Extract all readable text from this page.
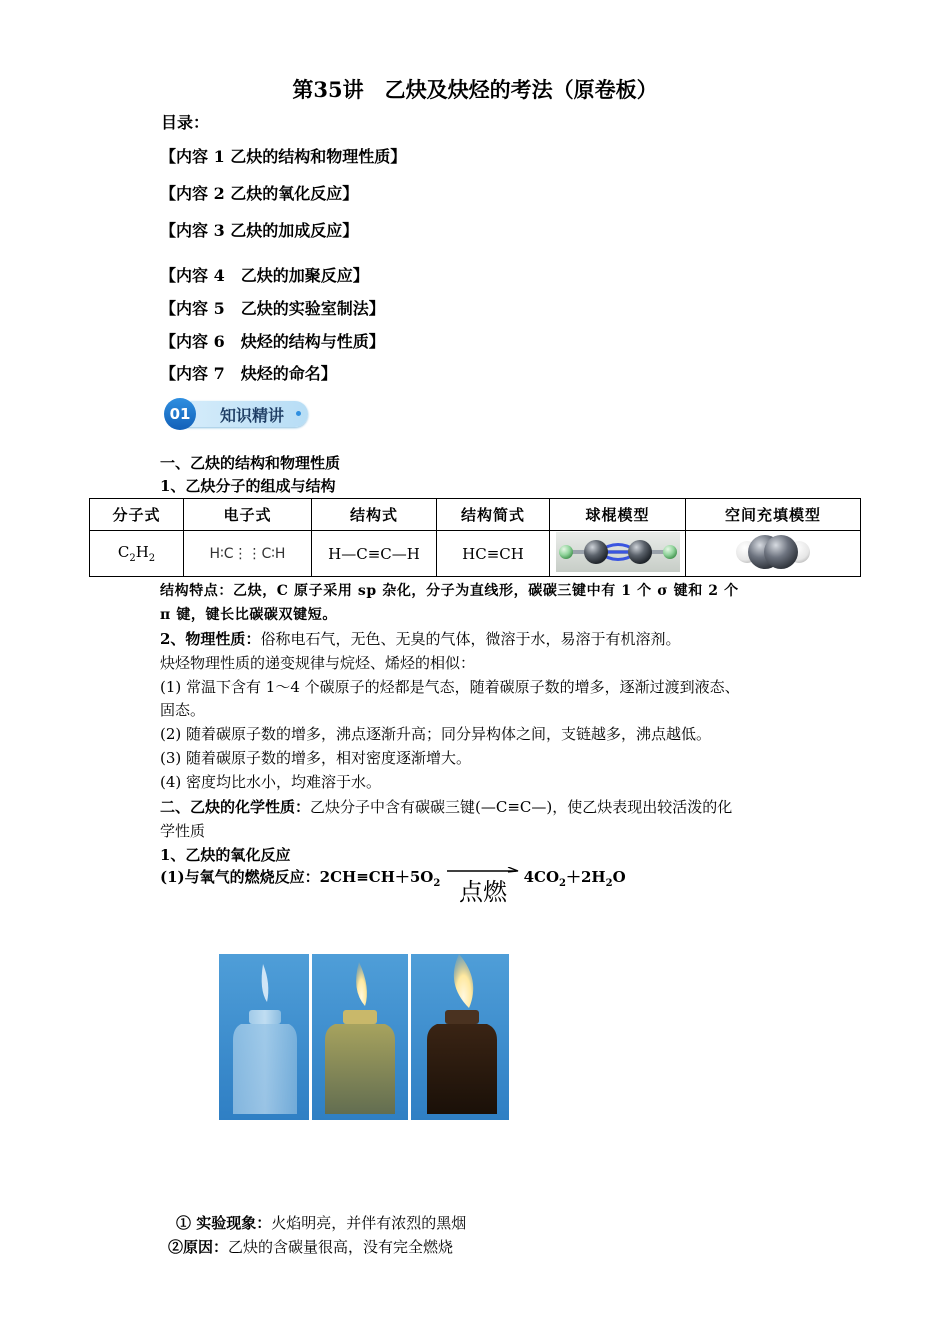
第35讲　乙炔及炔烃的考法（原卷板）
目录：
【内容 1 乙炔的结构和物理性质】
【内容 2 乙炔的氧化反应】
【内容 3 乙炔的加成反应】
【内容 4　乙炔的加聚反应】
【内容 5　乙炔的实验室制法】
【内容 6　炔烃的结构与性质】
【内容 7　炔烃的命名】
01	知识精讲
一、乙炔的结构和物理性质
1、乙炔分子的组成与结构
分子式	电子式	结构式	结构简式	球棍模型	空间充填模型
$C_2H_2$	H∶C⋮⋮C∶H	H—C≡C—H	HC≡CH		
结构特点：乙炔，C 原子采用 sp 杂化，分子为直线形，碳碳三键中有 1 个 σ 键和 2 个
π 键，键长比碳碳双键短。
2、物理性质：俗称电石气，无色、无臭的气体，微溶于水，易溶于有机溶剂。
炔烃物理性质的递变规律与烷烃、烯烃的相似：
(1) 常温下含有 1～4 个碳原子的烃都是气态，随着碳原子数的增多，逐渐过渡到液态、
固态。
(2) 随着碳原子数的增多，沸点逐渐升高；同分异构体之间，支链越多，沸点越低。
(3) 随着碳原子数的增多，相对密度逐渐增大。
(4) 密度均比水小，均难溶于水。
二、乙炔的化学性质：乙炔分子中含有碳碳三键(—C≡C—)，使乙炔表现出较活泼的化
学性质
1、乙炔的氧化反应
(1)与氧气的燃烧反应：$2CH\equiv CH+5O_2$	$4CO_2+2H_2O$
点燃
① 实验现象：火焰明亮，并伴有浓烈的黑烟
②原因：乙炔的含碳量很高，没有完全燃烧
